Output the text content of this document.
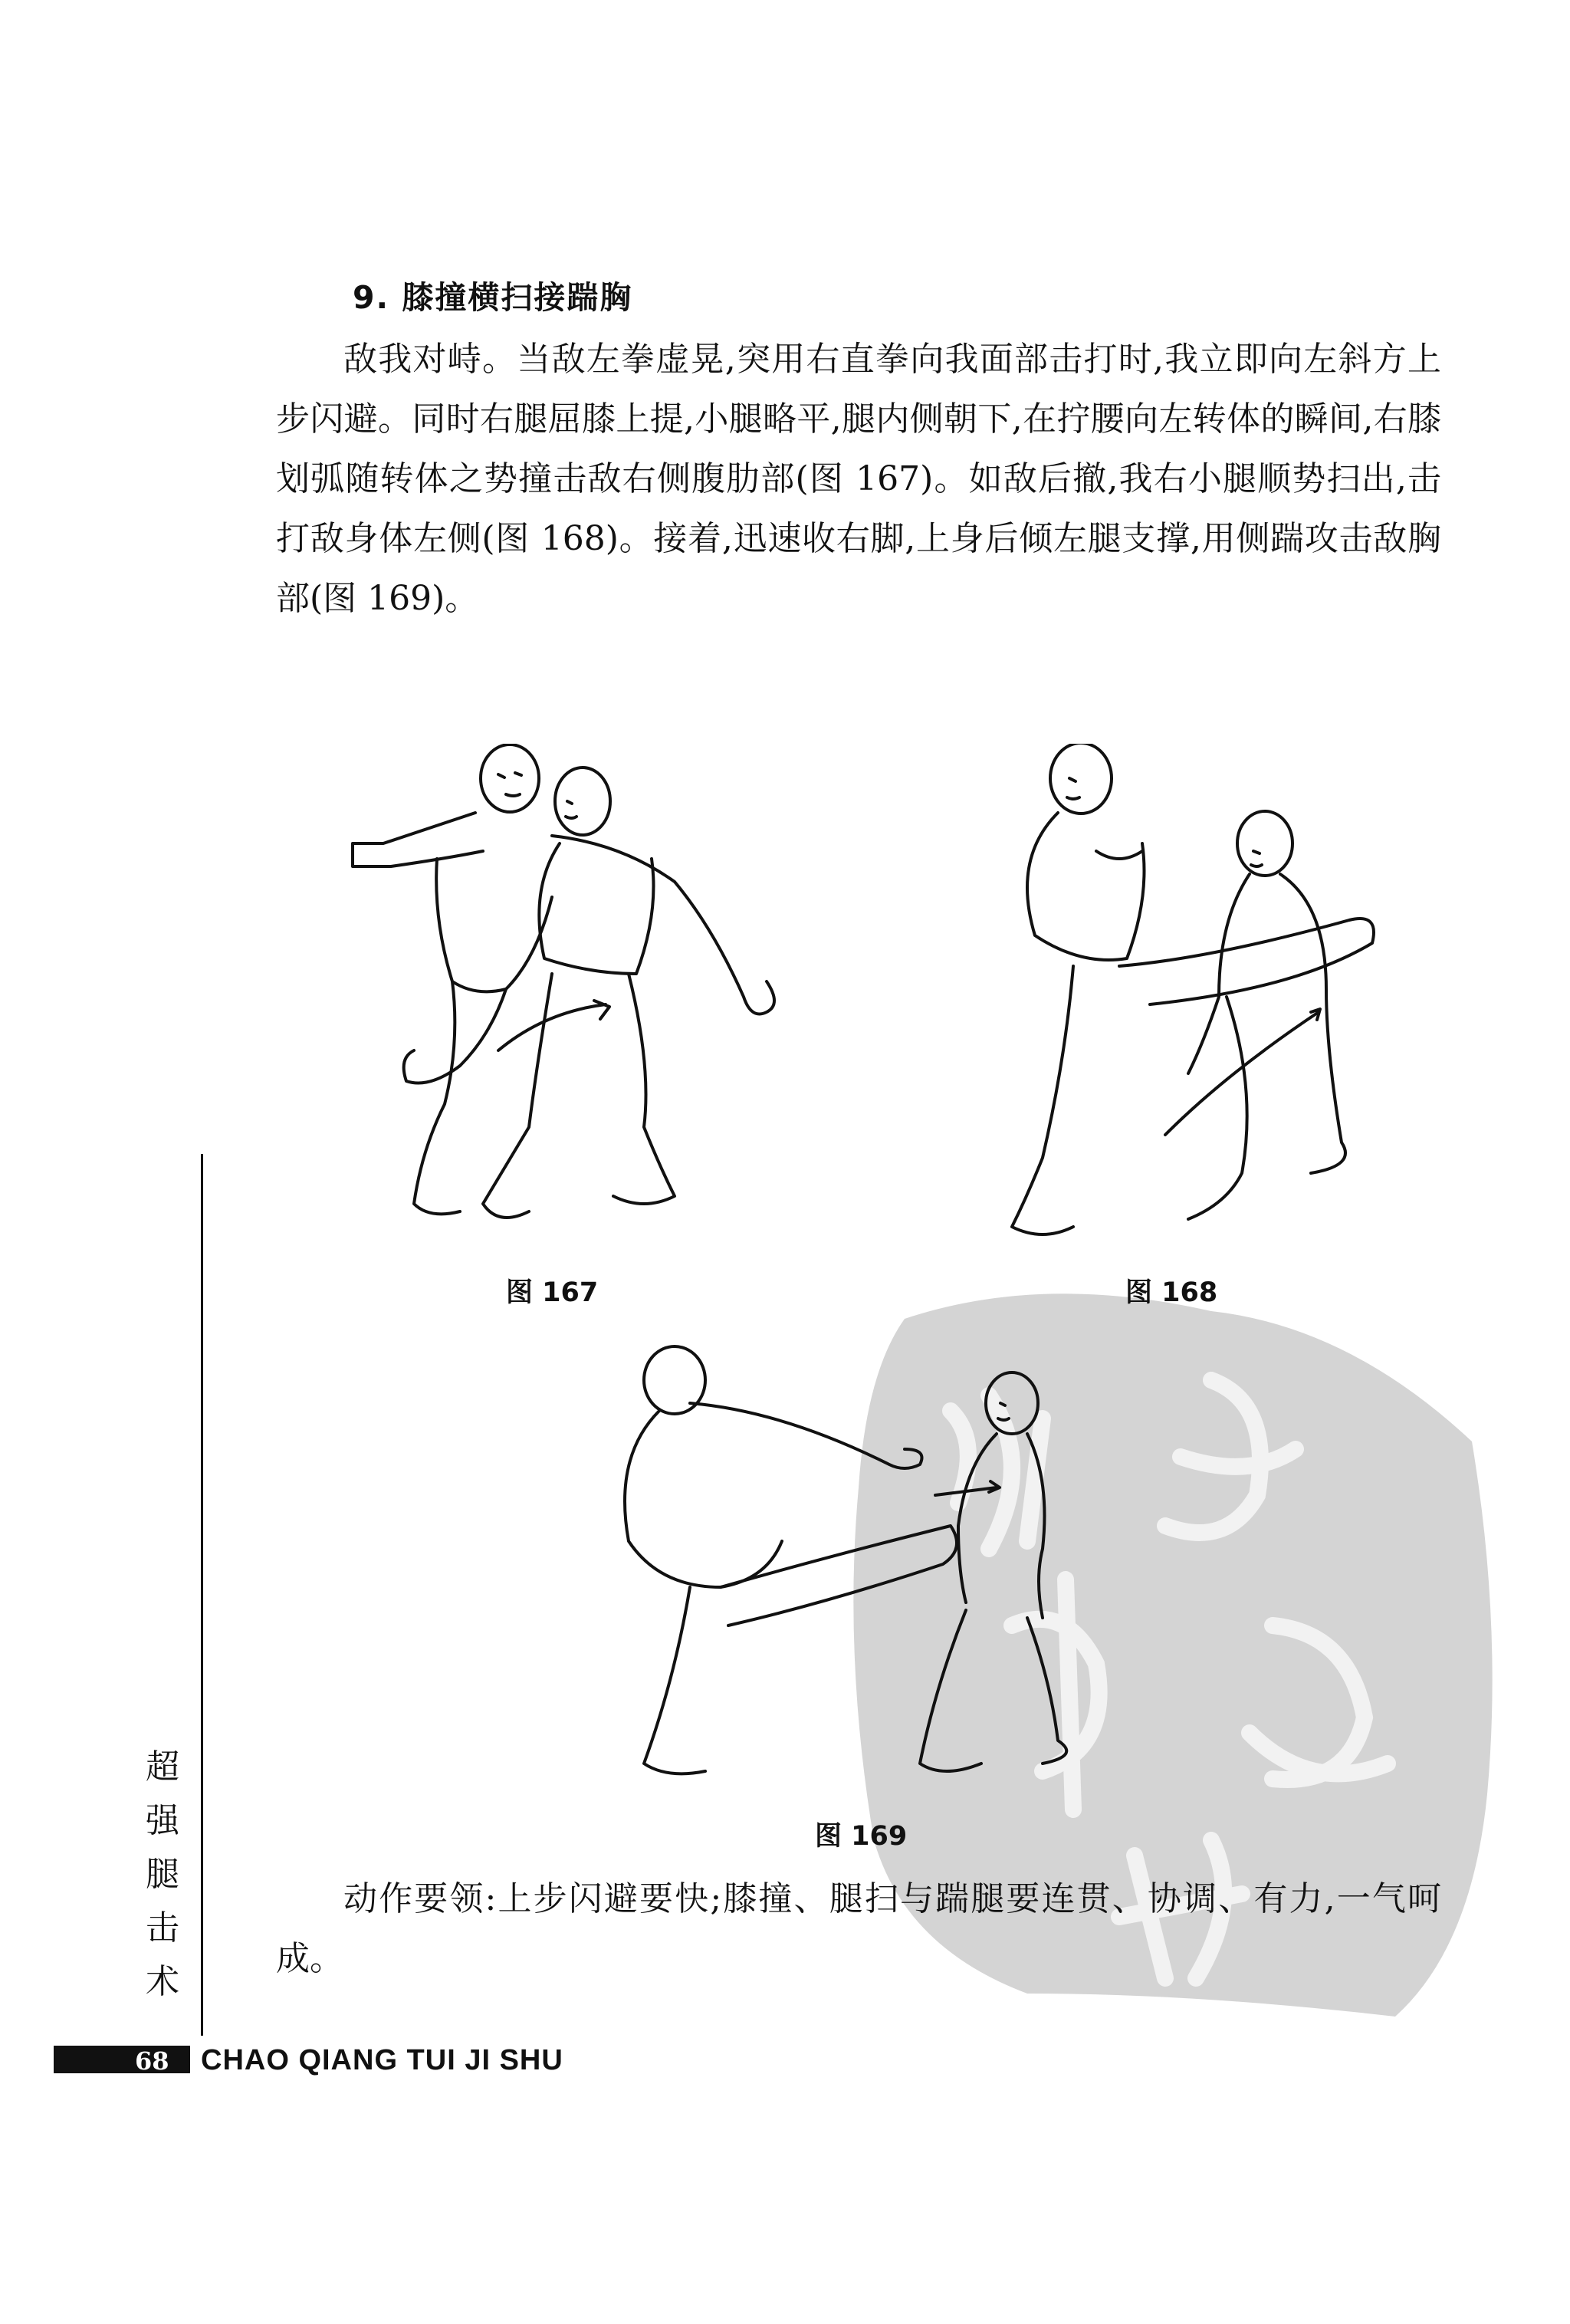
9. 膝撞横扫接踹胸
敌我对峙。当敌左拳虚晃,突用右直拳向我面部击打时,我立即向左斜方上步闪避。同时右腿屈膝上提,小腿略平,腿内侧朝下,在拧腰向左转体的瞬间,右膝划弧随转体之势撞击敌右侧腹肋部(图 167)。如敌后撤,我右小腿顺势扫出,击打敌身体左侧(图 168)。接着,迅速收右脚,上身后倾左腿支撑,用侧踹攻击敌胸部(图 169)。
图 167	图 168
图 169
动作要领:上步闪避要快;膝撞、腿扫与踹腿要连贯、协调、有力,一气呵成。
超
强
腿
击
术
68 CHAO QIANG TUI JI SHU
